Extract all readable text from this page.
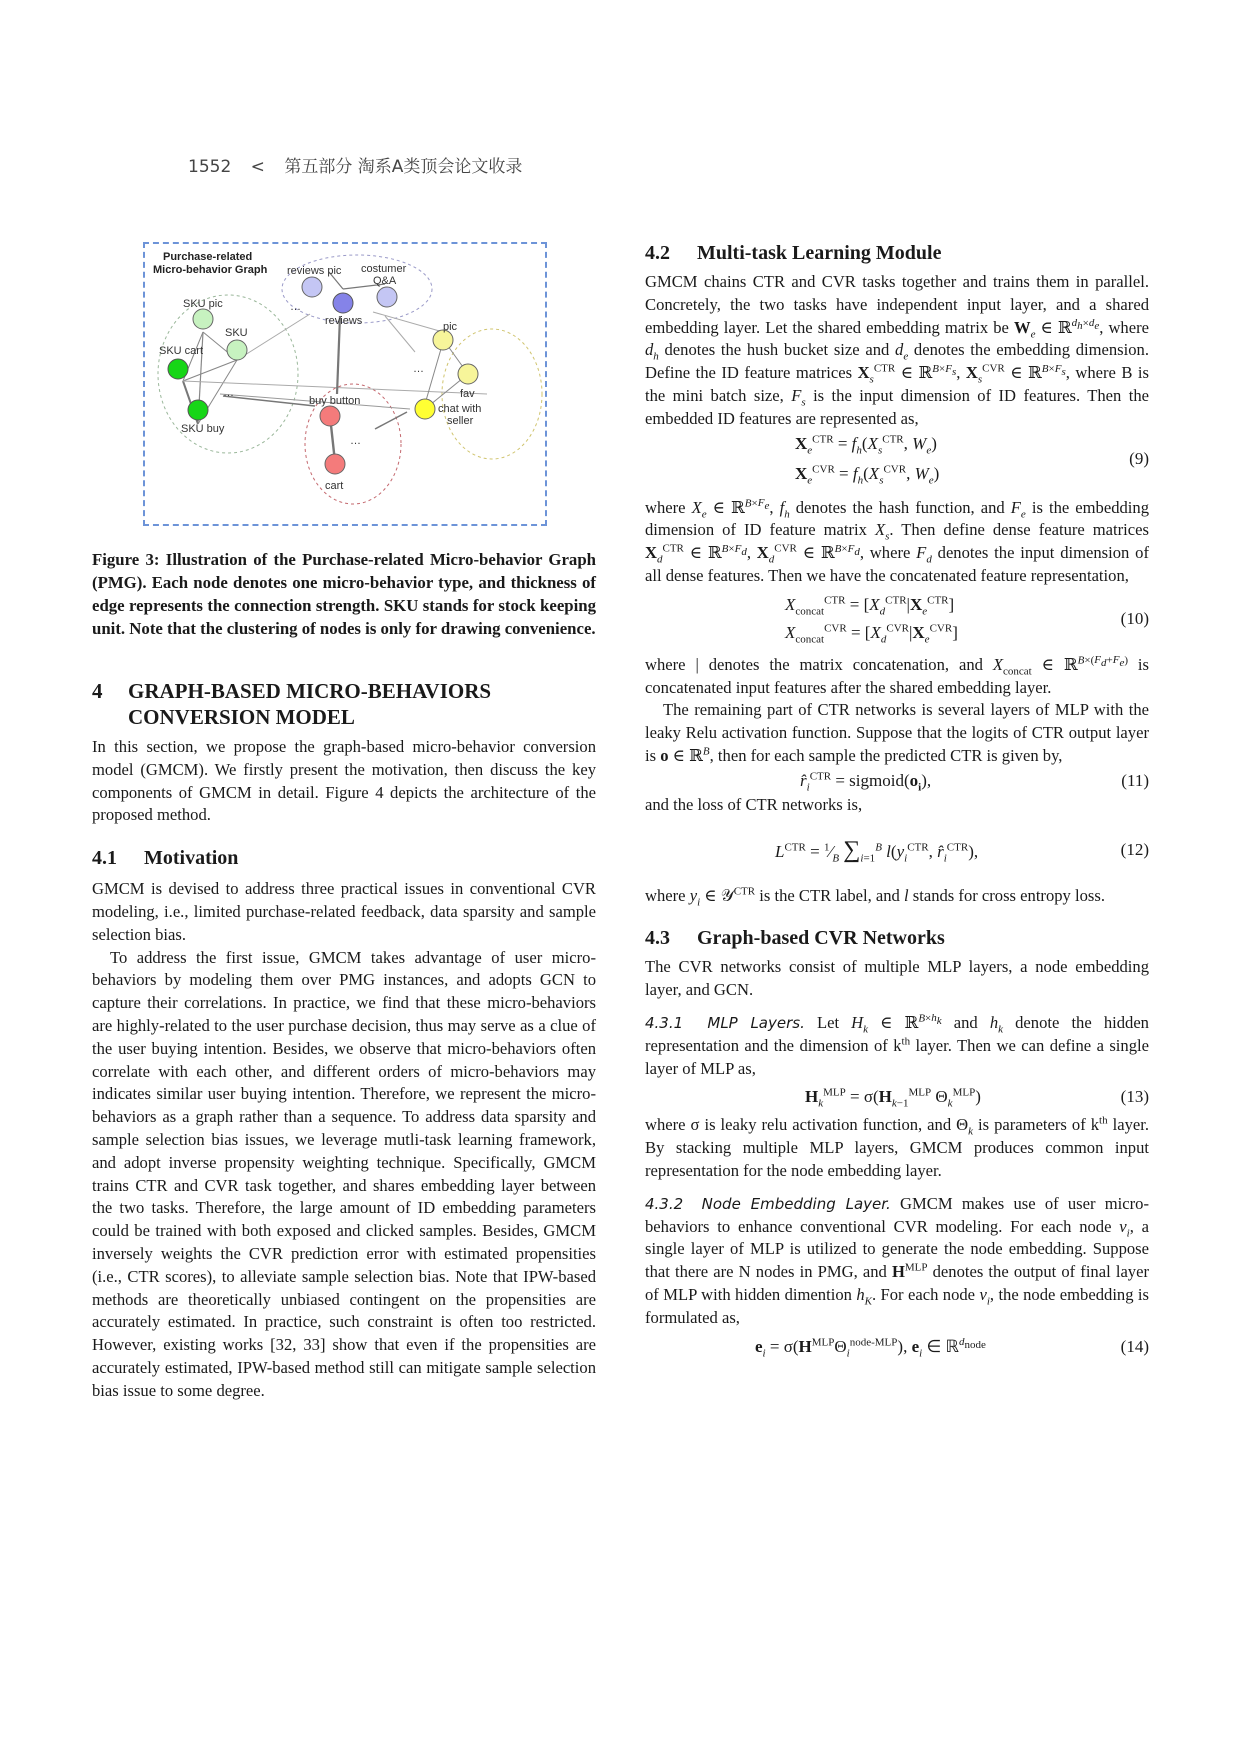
1552 < 第五部分 淘系A类顶会论文收录
Purchase-related
Micro-behavior Graph
SKU pic
SKU
SKU cart
SKU buy
reviews pic costumer
Q&A
reviews	pic
fav
chat with
seller
buy button
cart
…
…
…
…

Figure 3: Illustration of the Purchase-related Micro-behavior Graph (PMG). Each node denotes one micro-behavior type, and thickness of edge represents the connection strength. SKU stands for stock keeping unit. Note that the clustering of nodes is only for drawing convenience.

4 GRAPH-BASED MICRO-BEHAVIORS
CONVERSION MODEL

In this section, we propose the graph-based micro-behavior conversion model (GMCM). We firstly present the motivation, then discuss the key components of GMCM in detail. Figure 4 depicts the architecture of the proposed method.

4.1 Motivation

GMCM is devised to address three practical issues in conventional CVR modeling, i.e., limited purchase-related feedback, data sparsity and sample selection bias.

To address the first issue, GMCM takes advantage of user micro-behaviors by modeling them over PMG instances, and adopts GCN to capture their correlations. In practice, we find that these micro-behaviors are highly-related to the user purchase decision, thus may serve as a clue of the user buying intention. Besides, we observe that micro-behaviors often correlate with each other, and different orders of micro-behaviors may indicates similar user buying intention. Therefore, we represent the micro-behaviors as a graph rather than a sequence. To address data sparsity and sample selection bias issues, we leverage mutli-task learning framework, and adopt inverse propensity weighting technique. Specifically, GMCM trains CTR and CVR task together, and shares embedding layer between the two tasks. Therefore, the large amount of ID embedding parameters could be trained with both exposed and clicked samples. Besides, GMCM inversely weights the CVR prediction error with estimated propensities (i.e., CTR scores), to alleviate sample selection bias. Note that IPW-based methods are theoretically unbiased contingent on the propensities are accurately estimated. In practice, such constraint is often too restricted. However, existing works [32, 33] show that even if the propensities are accurately estimated, IPW-based method still can mitigate sample selection bias issue to some degree.

4.2 Multi-task Learning Module

GMCM chains CTR and CVR tasks together and trains them in parallel. Concretely, the two tasks have independent input layer, and a shared embedding layer. Let the shared embedding matrix be $W_e$ ∈ ℝ$^{d_h\times d_e}$, where $d_h$ denotes the hush bucket size and $d_e$ denotes the embedding dimension. Define the ID feature matrices $X_s^{CTR}$ ∈ ℝ$^{B\times F_s}$, $X_s^{CVR}$ ∈ ℝ$^{B\times F_s}$, where B is the mini batch size, $F_s$ is the input dimension of ID features. Then the embedded ID features are represented as,

$X_e^{CTR} = f_h(X_s^{CTR}$, $W_e$)
$X_e^{CVR} = f_h(X_s^{CVR}$, $W_e$)
(9)

where $X_e$ ∈ ℝ$^{B\times F_e}$, $f_h$ denotes the hash function, and $F_e$ is the embedding dimension of ID feature matrix $X_s$. Then define dense feature matrices $X_d^{CTR}$ ∈ ℝ$^{B\times F_d}$, $X_d^{CVR}$ ∈ ℝ$^{B\times F_d}$, where $F_d$ denotes the input dimension of all dense features. Then we have the concatenated feature representation,

$X_{concat}^{CTR} = [X_d^{CTR}|X_e^{CTR}]$
$X_{concat}^{CVR} = [X_d^{CVR}|X_e^{CVR}]$
(10)

where | denotes the matrix concatenation, and $X_{concat}$ ∈ ℝ$^{B\times(F_d+F_e)}$ is concatenated input features after the shared embedding layer.

The remaining part of CTR networks is several layers of MLP with the leaky Relu activation function. Suppose that the logits of CTR output layer is o ∈ ℝ$^B$, then for each sample the predicted CTR is given by,

$r̂_i^{CTR}$ = $sigmoid(o_i)$,	(11)

and the loss of CTR networks is,

$L^{CTR}$ = $^1⁄_B$ $\sum_{i=1}^B$ $l(y_i^{CTR}$, $r̂_i^{CTR}$),	(12)

where $y_i$ ∈ 𝒴$^{CTR}$ is the CTR label, and l stands for cross entropy loss.

4.3 Graph-based CVR Networks

The CVR networks consist of multiple MLP layers, a node embedding layer, and GCN.

4.3.1 MLP Layers. Let $H_k$ ∈ ℝ$^{B\times h_k}$ and $h_k$ denote the hidden representation and the dimension of $k^{th}$ layer. Then we can define a single layer of MLP as,

$H_k^{MLP} = \sigma(H_{k-1}^{MLP}$ $\Theta_k^{MLP}$)	(13)

where σ is leaky relu activation function, and $\Theta_k$ is parameters of $k^{th}$ layer. By stacking multiple MLP layers, GMCM produces common input representation for the node embedding layer.

4.3.2 Node Embedding Layer. GMCM makes use of user micro-behaviors to enhance conventional CVR modeling. For each node $v_i$, a single layer of MLP is utilized to generate the node embedding. Suppose that there are N nodes in PMG, and $H^{MLP}$ denotes the output of final layer of MLP with hidden dimention $h_K$. For each node $v_i$, the node embedding is formulated as,

$e_i = \sigma(H^{MLP}\Theta_i^{node-MLP})$, $e_i$ ∈ ℝ$^{d_{node}}$	(14)
